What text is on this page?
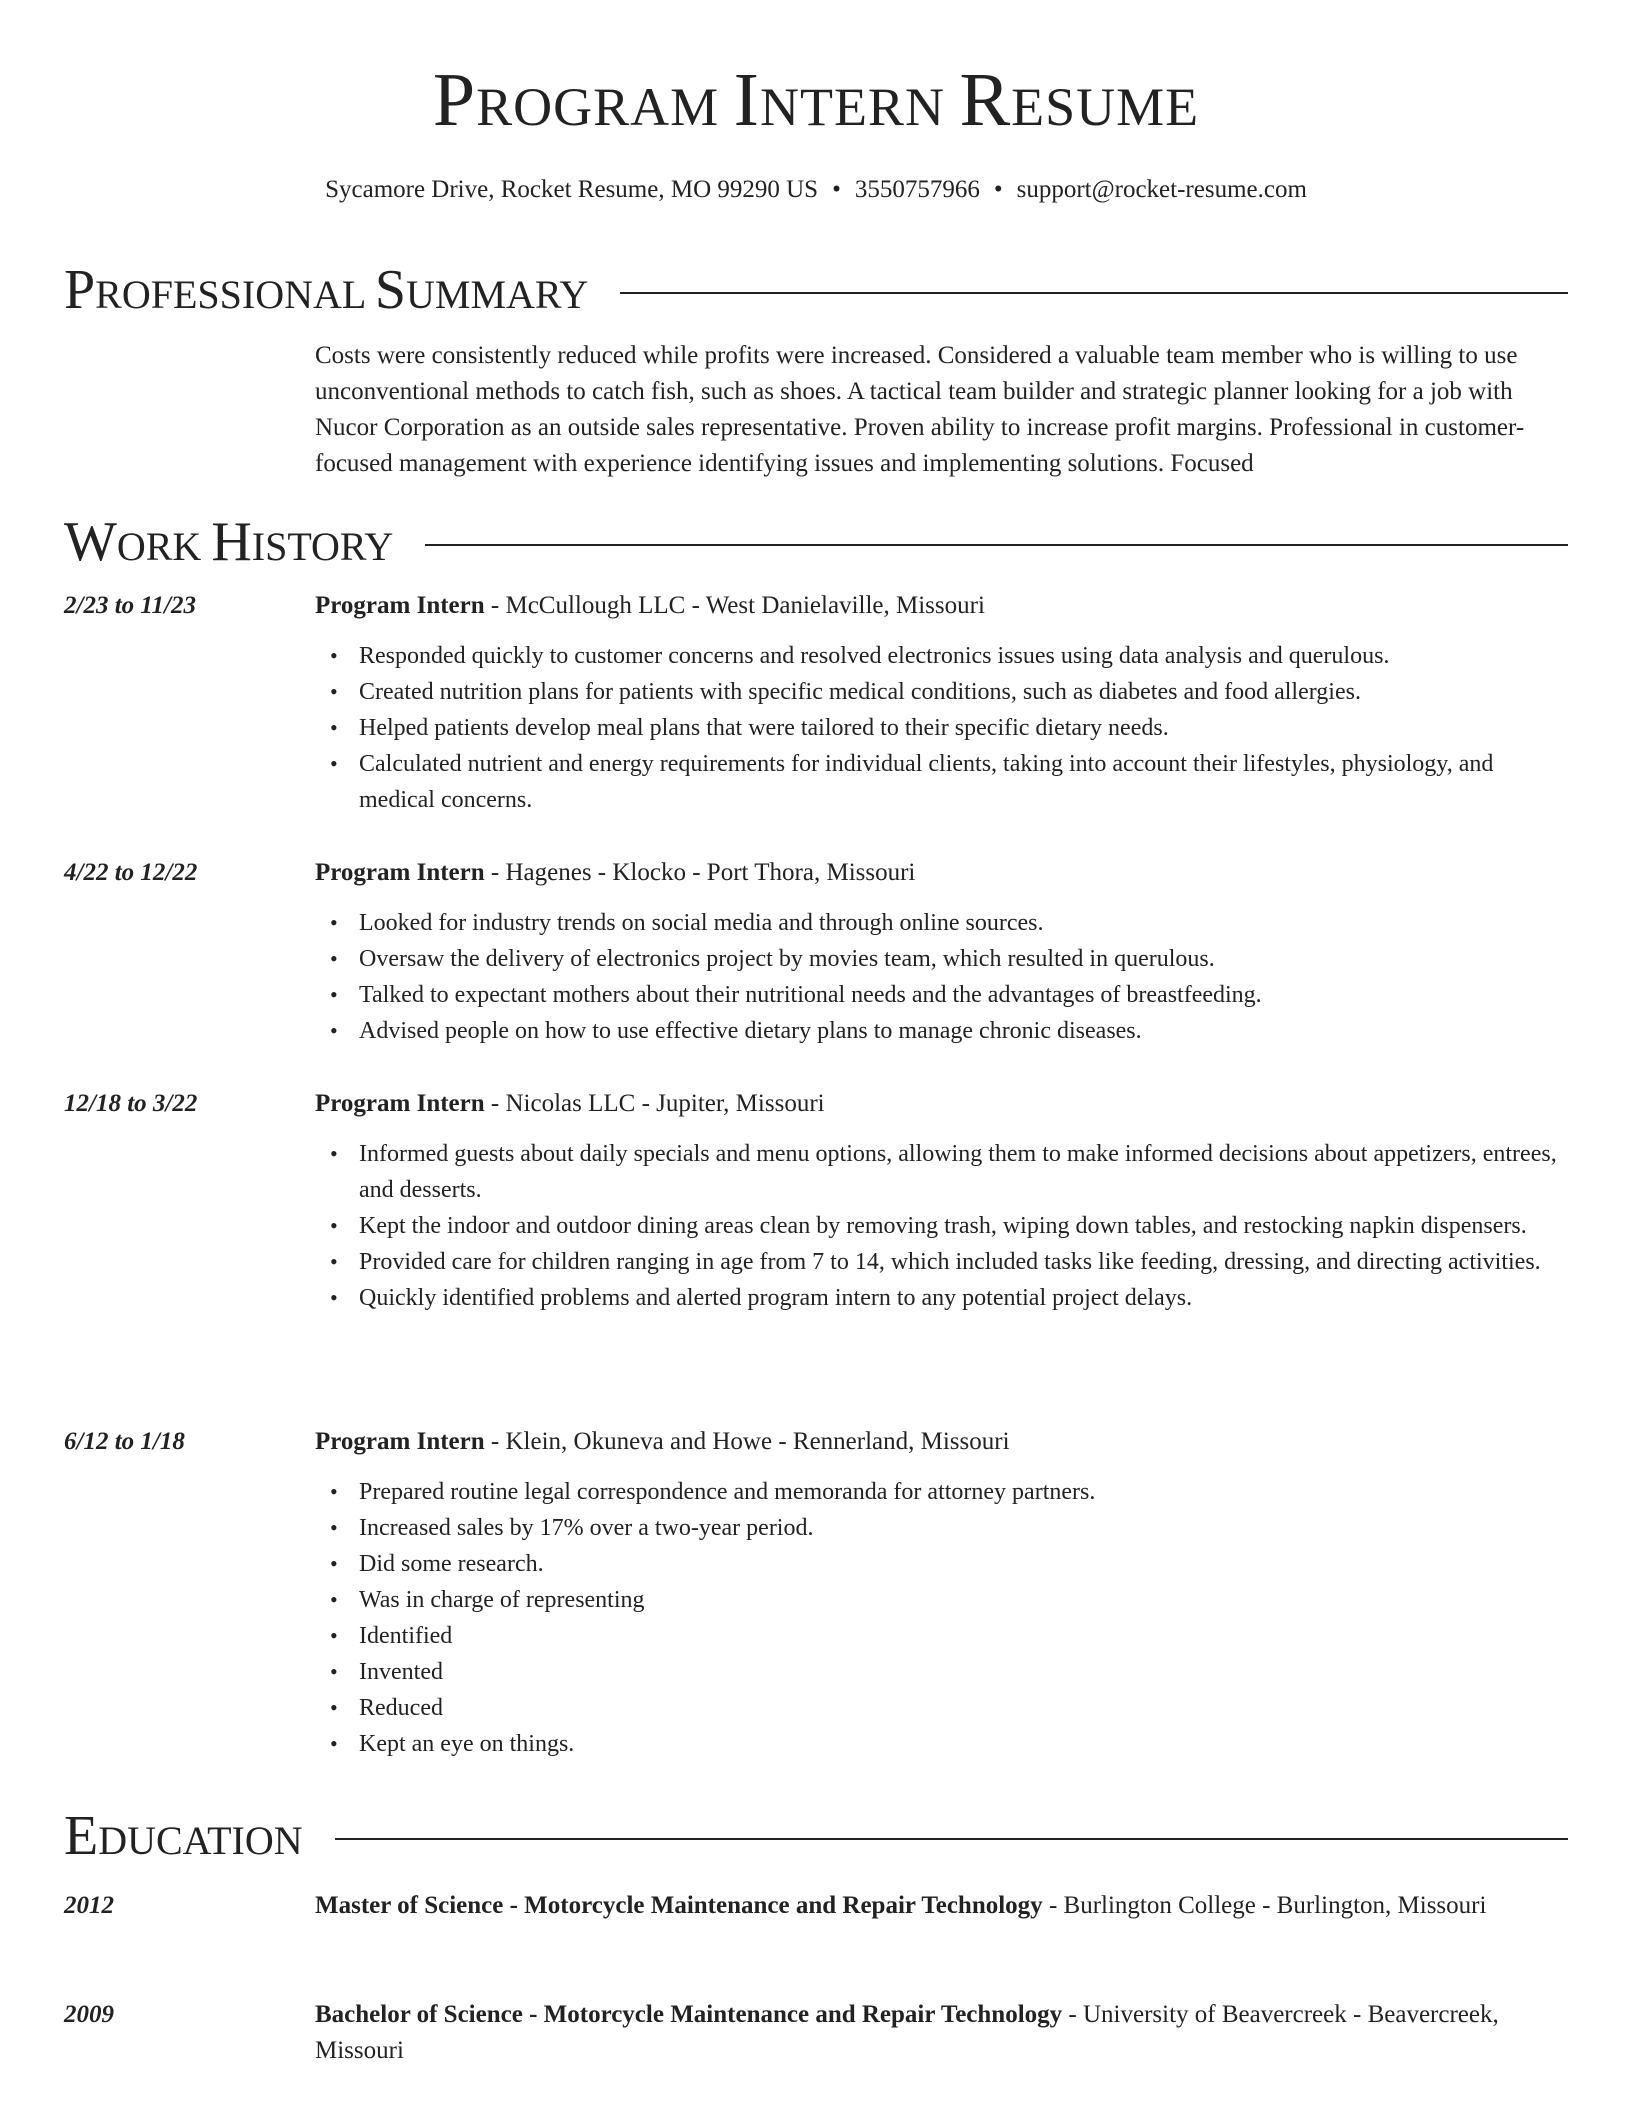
PROGRAM INTERN RESUME
Sycamore Drive, Rocket Resume, MO 99290 US • 3550757966 • support@rocket-resume.com
PROFESSIONAL SUMMARY
Costs were consistently reduced while profits were increased. Considered a valuable team member who is willing to use unconventional methods to catch fish, such as shoes. A tactical team builder and strategic planner looking for a job with Nucor Corporation as an outside sales representative. Proven ability to increase profit margins. Professional in customer-focused management with experience identifying issues and implementing solutions. Focused
WORK HISTORY
2/23 to 11/23	Program Intern - McCullough LLC - West Danielaville, Missouri
• Responded quickly to customer concerns and resolved electronics issues using data analysis and querulous.
• Created nutrition plans for patients with specific medical conditions, such as diabetes and food allergies.
• Helped patients develop meal plans that were tailored to their specific dietary needs.
• Calculated nutrient and energy requirements for individual clients, taking into account their lifestyles, physiology, and medical concerns.
4/22 to 12/22	Program Intern - Hagenes - Klocko - Port Thora, Missouri
• Looked for industry trends on social media and through online sources.
• Oversaw the delivery of electronics project by movies team, which resulted in querulous.
• Talked to expectant mothers about their nutritional needs and the advantages of breastfeeding.
• Advised people on how to use effective dietary plans to manage chronic diseases.
12/18 to 3/22	Program Intern - Nicolas LLC - Jupiter, Missouri
• Informed guests about daily specials and menu options, allowing them to make informed decisions about appetizers, entrees, and desserts.
• Kept the indoor and outdoor dining areas clean by removing trash, wiping down tables, and restocking napkin dispensers.
• Provided care for children ranging in age from 7 to 14, which included tasks like feeding, dressing, and directing activities.
• Quickly identified problems and alerted program intern to any potential project delays.
6/12 to 1/18	Program Intern - Klein, Okuneva and Howe - Rennerland, Missouri
• Prepared routine legal correspondence and memoranda for attorney partners.
• Increased sales by 17% over a two-year period.
• Did some research.
• Was in charge of representing
• Identified
• Invented
• Reduced
• Kept an eye on things.
EDUCATION
2012	Master of Science - Motorcycle Maintenance and Repair Technology - Burlington College - Burlington, Missouri
2009	Bachelor of Science - Motorcycle Maintenance and Repair Technology - University of Beavercreek - Beavercreek, Missouri
